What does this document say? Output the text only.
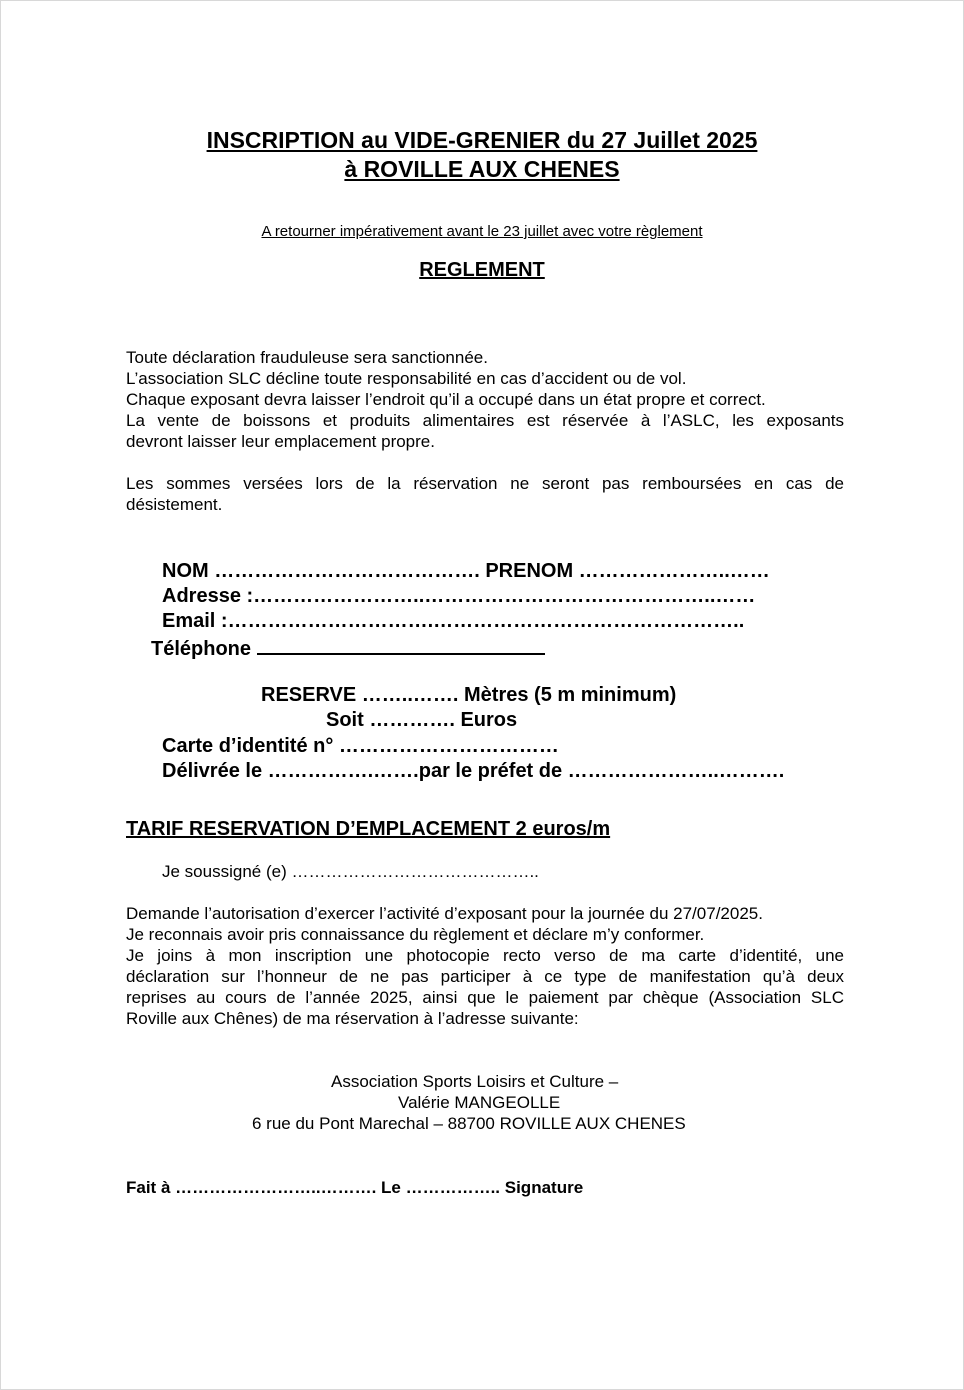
INSCRIPTION au VIDE-GRENIER du 27 Juillet 2025
à ROVILLE AUX CHENES
A retourner impérativement avant le 23 juillet avec votre règlement
REGLEMENT
Toute déclaration frauduleuse sera sanctionnée.
L’association SLC décline toute responsabilité en cas d’accident ou de vol.
Chaque exposant devra laisser l’endroit qu’il a occupé dans un état propre et correct.
La vente de boissons et produits alimentaires est réservée à l’ASLC, les exposants
devront laisser leur emplacement propre.
Les sommes versées lors de la réservation ne seront pas remboursées en cas de
désistement.
NOM …………………………………. PRENOM …………………..……
Adresse :……………………..……………………………………..……
Email :………………………….………………………………………..
Téléphone
RESERVE ……..……. Mètres (5 m minimum)
Soit …………. Euros
Carte d’identité n° ……………………………
Délivrée le …………….…….par le préfet de …………………..……….
TARIF RESERVATION D’EMPLACEMENT 2 euros/m
Je soussigné (e) ……………………………………..
Demande l’autorisation d’exercer l’activité d’exposant pour la journée du 27/07/2025.
Je reconnais avoir pris connaissance du règlement et déclare m’y conformer.
Je joins à mon inscription une photocopie recto verso de ma carte d’identité, une
déclaration sur l’honneur de ne pas participer à ce type de manifestation qu’à deux
reprises au cours de l’année 2025, ainsi que le paiement par chèque (Association SLC
Roville aux Chênes) de ma réservation à l’adresse suivante:
Association Sports Loisirs et Culture –
Valérie MANGEOLLE
6 rue du Pont Marechal – 88700 ROVILLE AUX CHENES
Fait à ……………………..………. Le …………….. Signature
